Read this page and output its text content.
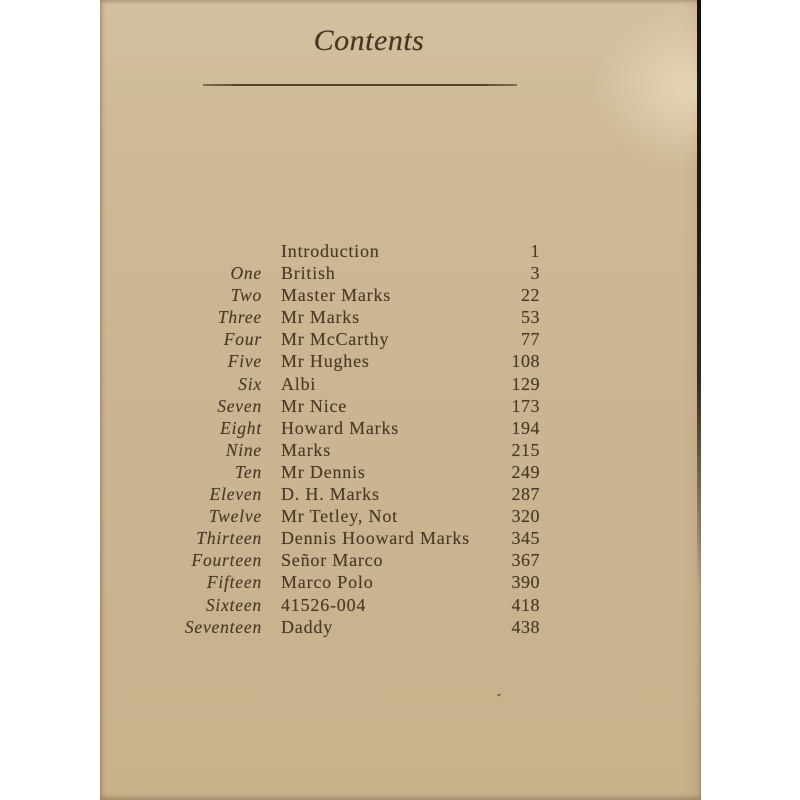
Contents
Introduction	1
One British	3
Two Master Marks	22
Three Mr Marks	53
Four Mr McCarthy	77
Five Mr Hughes	108
Six Albi	129
Seven Mr Nice	173
Eight Howard Marks	194
Nine Marks	215
Ten Mr Dennis	249
Eleven D. H. Marks	287
Twelve Mr Tetley, Not	320
Thirteen Dennis Hooward Marks	345
Fourteen Señor Marco	367
Fifteen Marco Polo	390
Sixteen 41526-004	418
Seventeen Daddy	438
